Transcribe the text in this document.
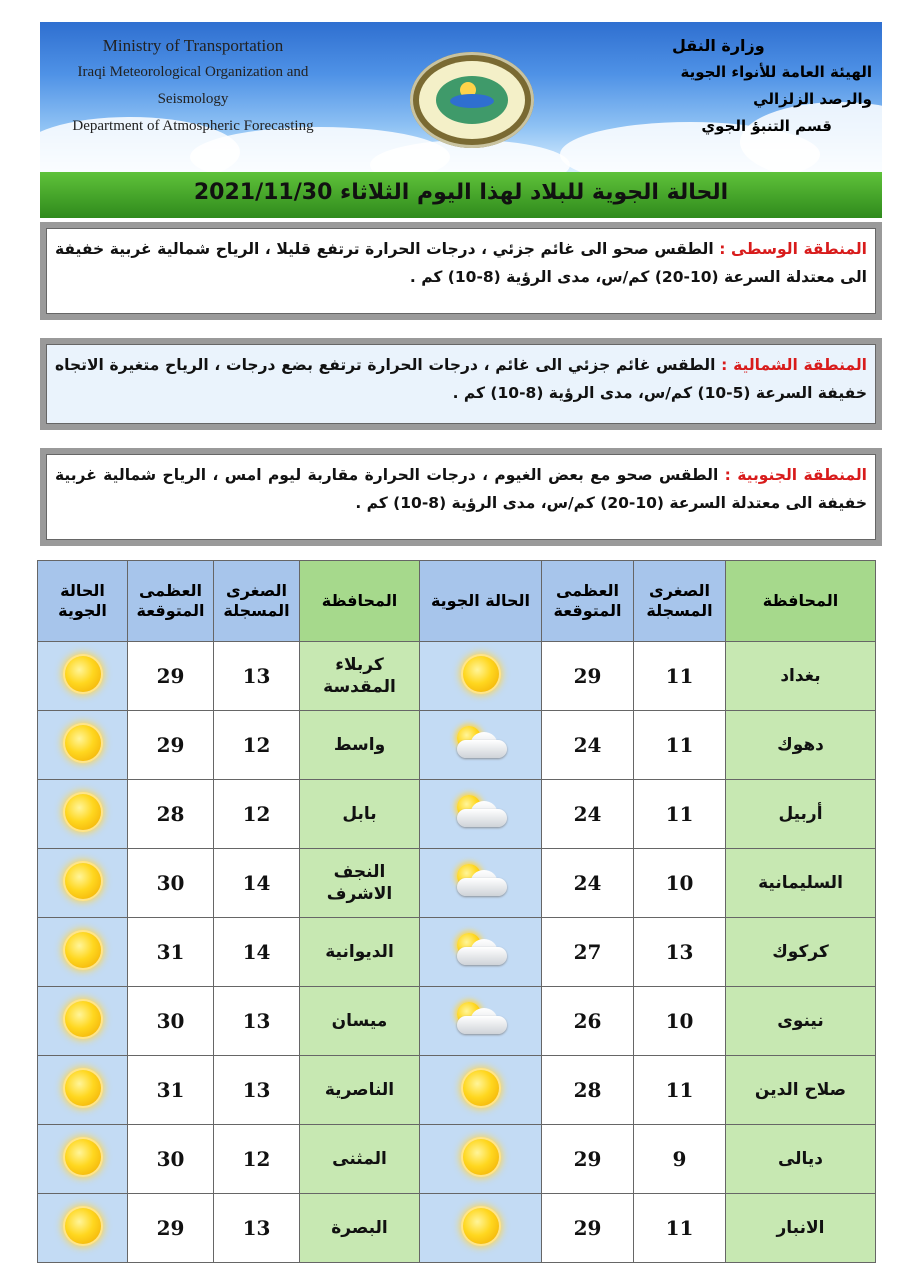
Ministry of Transportation
Iraqi Meteorological Organization and Seismology
Department of Atmospheric Forecasting
وزارة النقل
الهيئة العامة للأنواء الجوية والرصد الزلزالي
قسم التنبؤ الجوي
الحالة الجوية للبلاد لهذا اليوم الثلاثاء 2021/11/30
المنطقة الوسطى : الطقس صحو الى غائم جزئي ، درجات الحرارة ترتفع قليلا ، الرياح شمالية غربية خفيفة الى معتدلة السرعة (10-20) كم/س، مدى الرؤية (8-10) كم .
المنطقة الشمالية : الطقس غائم جزئي الى غائم ، درجات الحرارة ترتفع بضع درجات ، الرياح متغيرة الاتجاه خفيفة السرعة (5-10) كم/س، مدى الرؤية (8-10) كم .
المنطقة الجنوبية : الطقس صحو مع بعض الغيوم ، درجات الحرارة مقاربة ليوم امس ، الرياح شمالية غربية خفيفة الى معتدلة السرعة (10-20) كم/س، مدى الرؤية (8-10) كم .
الحالة الجوية	العظمى المتوقعة	الصغرى المسجلة	المحافظة	الحالة الجوية	العظمى المتوقعة	الصغرى المسجلة	المحافظة
	29	13	كربلاء المقدسة		29	11	بغداد
	29	12	واسط		24	11	دهوك
	28	12	بابل		24	11	أربيل
	30	14	النجف الاشرف		24	10	السليمانية
	31	14	الديوانية		27	13	كركوك
	30	13	ميسان		26	10	نينوى
	31	13	الناصرية		28	11	صلاح الدين
	30	12	المثنى		29	9	ديالى
	29	13	البصرة		29	11	الانبار
